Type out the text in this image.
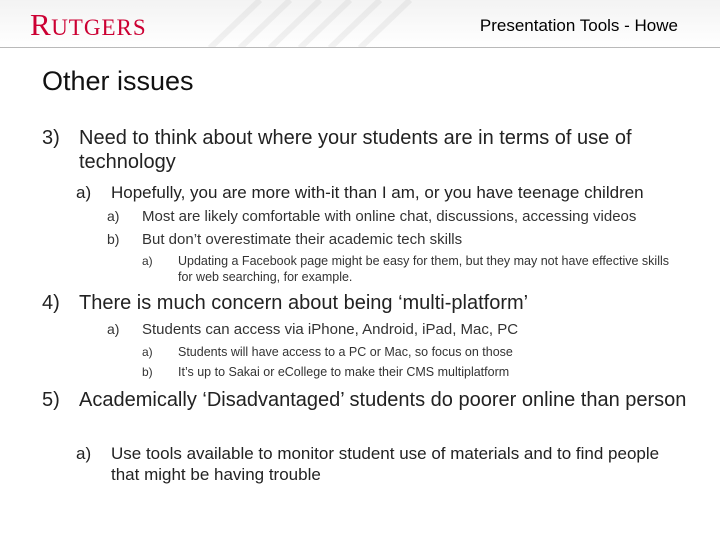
RUTGERS	Presentation Tools - Howe
Other issues
3) Need to think about where your students are in terms of use of technology
a) Hopefully, you are more with-it than I am, or you have teenage children
a) Most are likely comfortable with online chat, discussions, accessing videos
b) But don’t overestimate their academic tech skills
a) Updating a Facebook page might be easy for them, but they may not have effective skills for web searching, for example.
4) There is much concern about being ‘multi-platform’
a) Students can access via iPhone, Android, iPad, Mac, PC
a) Students will have access to a PC or Mac, so focus on those
b) It’s up to Sakai or eCollege to make their CMS multiplatform
5) Academically ‘Disadvantaged’ students do poorer online than person
a) Use tools available to monitor student use of materials and to find people that might be having trouble
